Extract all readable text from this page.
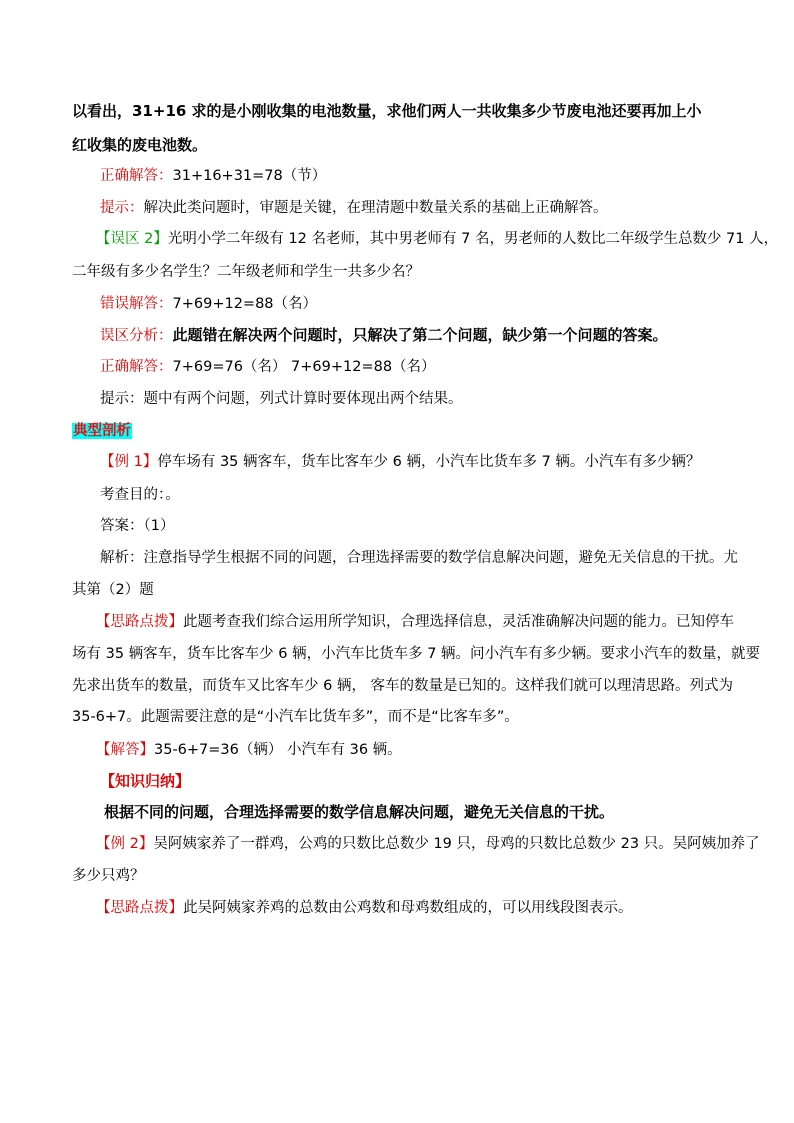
以看出，31+16 求的是小刚收集的电池数量，求他们两人一共收集多少节废电池还要再加上小
红收集的废电池数。
正确解答：31+16+31=78（节）
提示：解决此类问题时，审题是关键，在理清题中数量关系的基础上正确解答。
【误区 2】光明小学二年级有 12 名老师，其中男老师有 7 名，男老师的人数比二年级学生总数少 71 人，
二年级有多少名学生？二年级老师和学生一共多少名？
错误解答：7+69+12=88（名）
误区分析：此题错在解决两个问题时，只解决了第二个问题，缺少第一个问题的答案。
正确解答：7+69=76（名） 7+69+12=88（名）
提示：题中有两个问题，列式计算时要体现出两个结果。
典型剖析
【例 1】停车场有 35 辆客车，货车比客车少 6 辆，小汽车比货车多 7 辆。小汽车有多少辆？
考查目的：。
答案：（1）
解析：注意指导学生根据不同的问题，合理选择需要的数学信息解决问题，避免无关信息的干扰。尤
其第（2）题
【思路点拨】此题考查我们综合运用所学知识，合理选择信息，灵活准确解决问题的能力。已知停车
场有 35 辆客车，货车比客车少 6 辆，小汽车比货车多 7 辆。问小汽车有多少辆。要求小汽车的数量，就要
先求出货车的数量，而货车又比客车少 6 辆， 客车的数量是已知的。这样我们就可以理清思路。列式为
35-6+7。此题需要注意的是“小汽车比货车多”，而不是“比客车多”。
【解答】35-6+7=36（辆） 小汽车有 36 辆。
【知识归纳】
根据不同的问题，合理选择需要的数学信息解决问题，避免无关信息的干扰。
【例 2】吴阿姨家养了一群鸡，公鸡的只数比总数少 19 只，母鸡的只数比总数少 23 只。吴阿姨加养了
多少只鸡？
【思路点拨】此吴阿姨家养鸡的总数由公鸡数和母鸡数组成的，可以用线段图表示。
